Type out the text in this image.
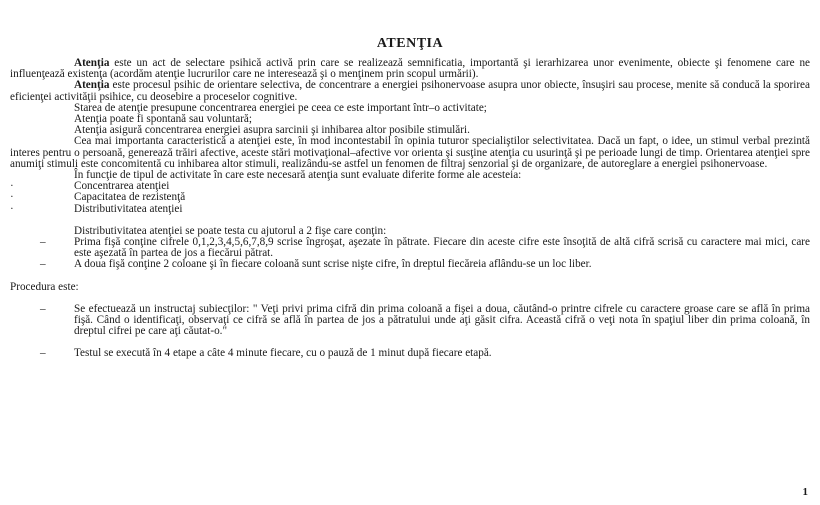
ATENŢIA

Atenţia este un act de selectare psihică activă prin care se realizează semnificatia, importantă şi ierarhizarea unor evenimente, obiecte şi fenomene care ne influenţează existenţa (acordăm atenţie lucrurilor care ne interesează şi o menţinem prin scopul urmării).

Atenţia este procesul psihic de orientare selectiva, de concentrare a energiei psihonervoase asupra unor obiecte, însuşiri sau procese, menite să conducă la sporirea eficienţei activităţii psihice, cu deosebire a proceselor cognitive.

Starea de atenţie presupune concentrarea energiei pe ceea ce este important într–o activitate;

Atenţia poate fi spontană sau voluntară;

Atenţia asigură concentrarea energiei asupra sarcinii şi inhibarea altor posibile stimulări.

Cea mai importanta caracteristică a atenţiei este, în mod incontestabil în opinia tuturor specialiştilor selectivitatea. Dacă un fapt, o idee, un stimul verbal prezintă interes pentru o persoană, generează trăiri afective, aceste stări motivaţional–afective vor orienta şi susţine atenţia cu usurinţă şi pe perioade lungi de timp. Orientarea atenţiei spre anumiţi stimuli este concomitentă cu inhibarea altor stimuli, realizându-se astfel un fenomen de filtraj senzorial şi de organizare, de autoreglare a energiei psihonervoase.

În funcţie de tipul de activitate în care este necesară atenţia sunt evaluate diferite forme ale acesteia:

·	Concentrarea atenţiei
·	Capacitatea de rezistenţă
·	Distributivitatea atenţiei

Distributivitatea atenţiei se poate testa cu ajutorul a 2 fişe care conţin:

–	Prima fişă conţine cifrele 0,1,2,3,4,5,6,7,8,9 scrise îngroşat, aşezate în pătrate. Fiecare din aceste cifre este însoţită de altă cifră scrisă cu caractere mai mici, care este aşezată în partea de jos a fiecărui pătrat.
–	A doua fişă conţine 2 coloane şi în fiecare coloană sunt scrise nişte cifre, în dreptul fiecăreia aflându-se un loc liber.

Procedura este:

–	Se efectuează un instructaj subiecţilor: " Veţi privi prima cifră din prima coloană a fişei a doua, căutând-o printre cifrele cu caractere groase care se află în prima fişă. Când o identificaţi, observaţi ce cifră se află în partea de jos a pătratului unde aţi găsit cifra. Această cifră o veţi nota în spaţiul liber din prima coloană, în dreptul cifrei pe care aţi căutat-o."
–	Testul se execută în 4 etape a câte 4 minute fiecare, cu o pauză de 1 minut după fiecare etapă.
1
